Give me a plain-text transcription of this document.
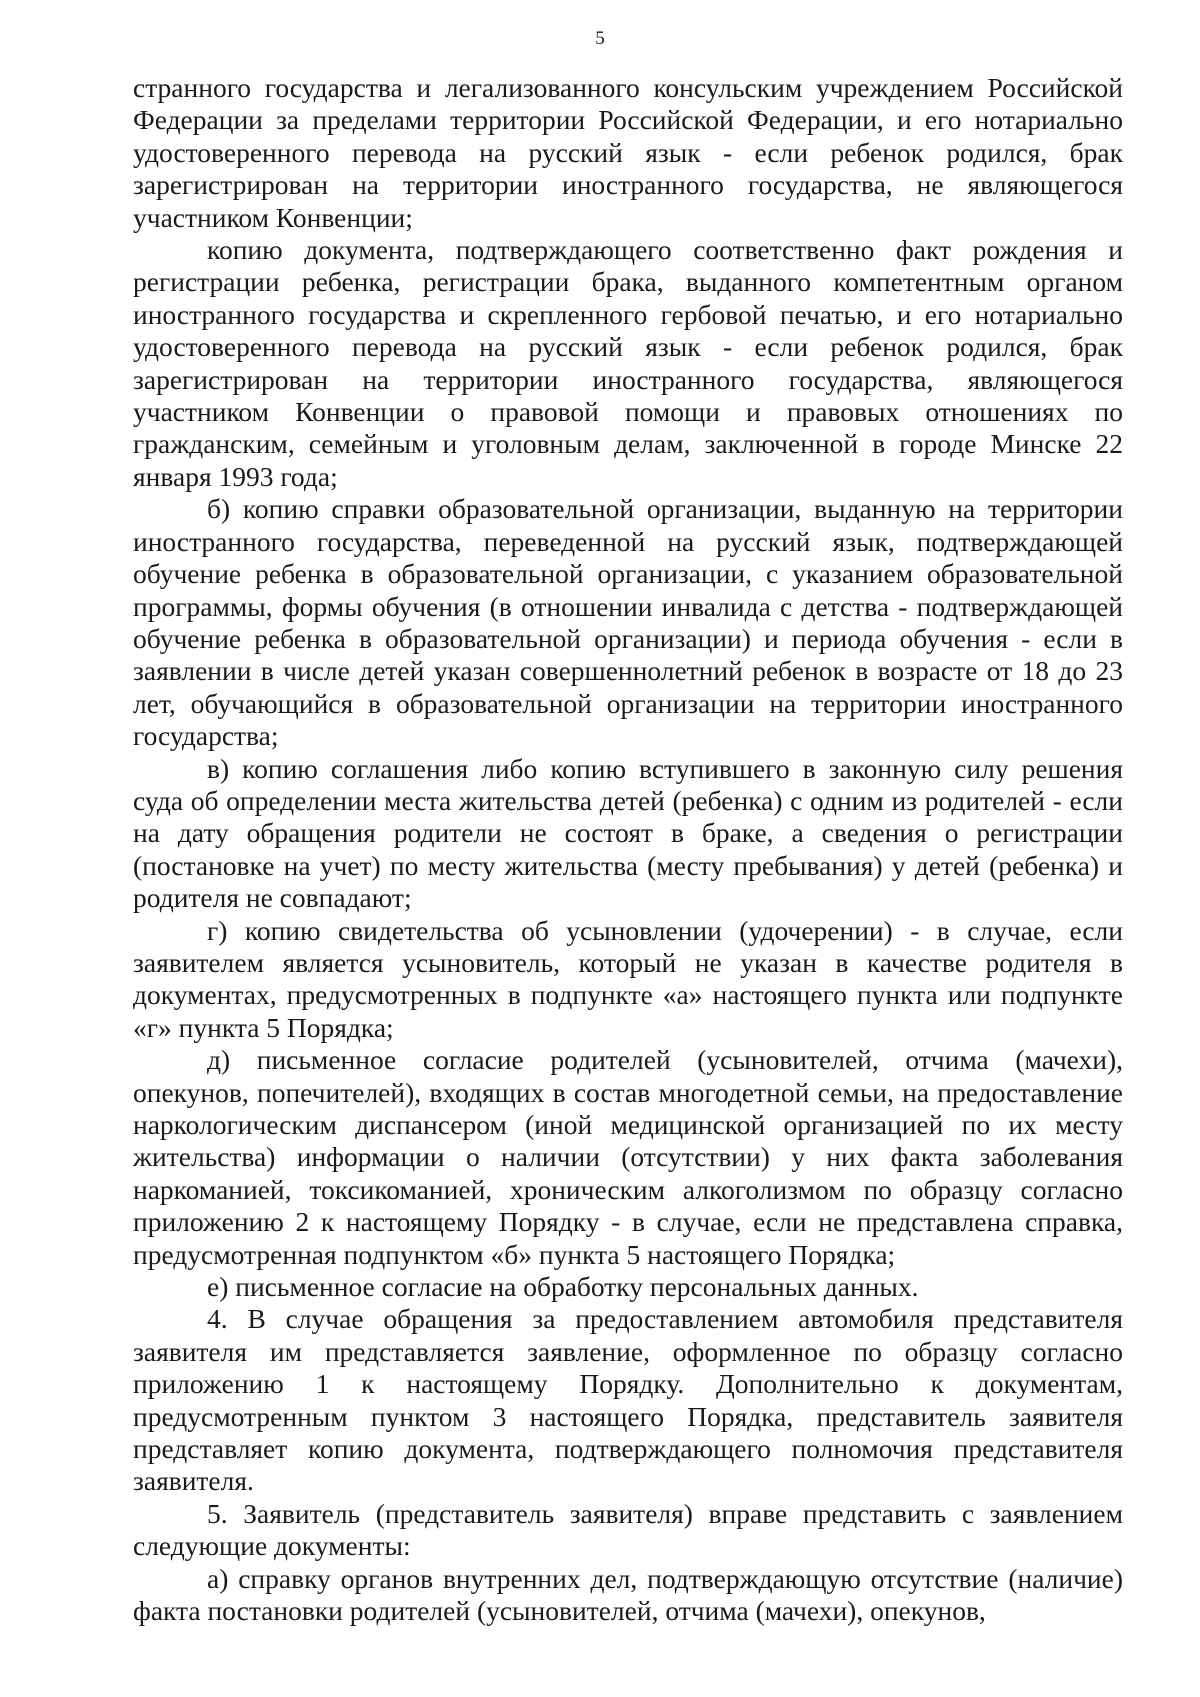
5

странного государства и легализованного консульским учреждением Российской Федерации за пределами территории Российской Федерации, и его нотариально удостоверенного перевода на русский язык - если ребенок родился, брак зарегистрирован на территории иностранного государства, не являющегося участником Конвенции;

копию документа, подтверждающего соответственно факт рождения и регистрации ребенка, регистрации брака, выданного компетентным органом иностранного государства и скрепленного гербовой печатью, и его нотариально удостоверенного перевода на русский язык - если ребенок родился, брак зарегистрирован на территории иностранного государства, являющегося участником Конвенции о правовой помощи и правовых отношениях по гражданским, семейным и уголовным делам, заключенной в городе Минске 22 января 1993 года;

б) копию справки образовательной организации, выданную на территории иностранного государства, переведенной на русский язык, подтверждающей обучение ребенка в образовательной организации, с указанием образовательной программы, формы обучения (в отношении инвалида с детства - подтверждающей обучение ребенка в образовательной организации) и периода обучения - если в заявлении в числе детей указан совершеннолетний ребенок в возрасте от 18 до 23 лет, обучающийся в образовательной организации на территории иностранного государства;

в) копию соглашения либо копию вступившего в законную силу решения суда об определении места жительства детей (ребенка) с одним из родителей - если на дату обращения родители не состоят в браке, а сведения о регистрации (постановке на учет) по месту жительства (месту пребывания) у детей (ребенка) и родителя не совпадают;

г) копию свидетельства об усыновлении (удочерении) - в случае, если заявителем является усыновитель, который не указан в качестве родителя в документах, предусмотренных в подпункте «а» настоящего пункта или подпункте «г» пункта 5 Порядка;

д) письменное согласие родителей (усыновителей, отчима (мачехи), опекунов, попечителей), входящих в состав многодетной семьи, на предоставление наркологическим диспансером (иной медицинской организацией по их месту жительства) информации о наличии (отсутствии) у них факта заболевания наркоманией, токсикоманией, хроническим алкоголизмом по образцу согласно приложению 2 к настоящему Порядку - в случае, если не представлена справка, предусмотренная подпунктом «б» пункта 5 настоящего Порядка;

е) письменное согласие на обработку персональных данных.

4. В случае обращения за предоставлением автомобиля представителя заявителя им представляется заявление, оформленное по образцу согласно приложению 1 к настоящему Порядку. Дополнительно к документам, предусмотренным пунктом 3 настоящего Порядка, представитель заявителя представляет копию документа, подтверждающего полномочия представителя заявителя.

5. Заявитель (представитель заявителя) вправе представить с заявлением следующие документы:

а) справку органов внутренних дел, подтверждающую отсутствие (наличие) факта постановки родителей (усыновителей, отчима (мачехи), опекунов,
